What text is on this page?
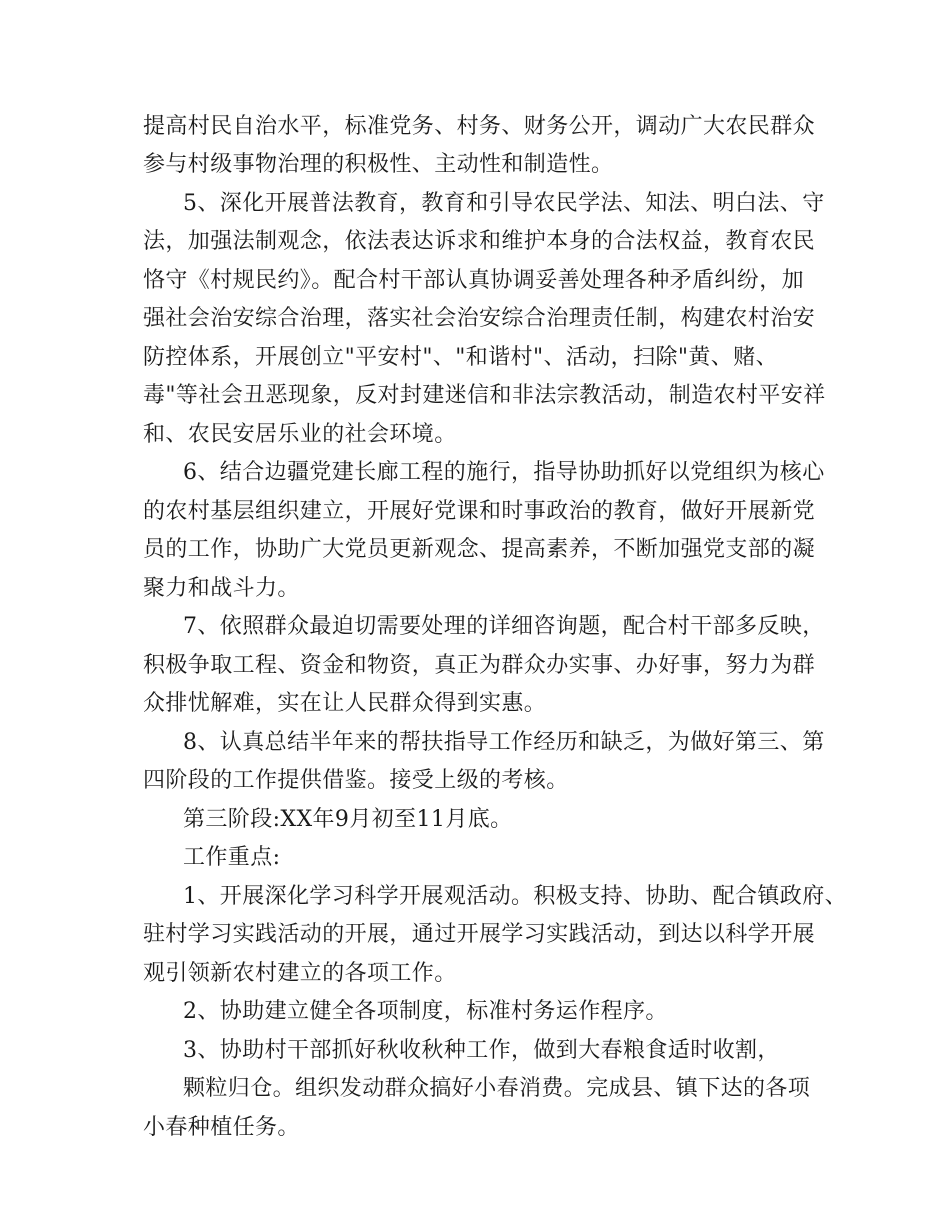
提高村民自治水平，标准党务、村务、财务公开，调动广大农民群众
参与村级事物治理的积极性、主动性和制造性。
5、深化开展普法教育，教育和引导农民学法、知法、明白法、守
法，加强法制观念，依法表达诉求和维护本身的合法权益，教育农民
恪守《村规民约》。配合村干部认真协调妥善处理各种矛盾纠纷，加
强社会治安综合治理，落实社会治安综合治理责任制，构建农村治安
防控体系，开展创立"平安村"、"和谐村"、活动，扫除"黄、赌、
毒"等社会丑恶现象，反对封建迷信和非法宗教活动，制造农村平安祥
和、农民安居乐业的社会环境。
6、结合边疆党建长廊工程的施行，指导协助抓好以党组织为核心
的农村基层组织建立，开展好党课和时事政治的教育，做好开展新党
员的工作，协助广大党员更新观念、提高素养，不断加强党支部的凝
聚力和战斗力。
7、依照群众最迫切需要处理的详细咨询题，配合村干部多反映，
积极争取工程、资金和物资，真正为群众办实事、办好事，努力为群
众排忧解难，实在让人民群众得到实惠。
8、认真总结半年来的帮扶指导工作经历和缺乏，为做好第三、第
四阶段的工作提供借鉴。接受上级的考核。
第三阶段:XX年9月初至11月底。
工作重点:
1、开展深化学习科学开展观活动。积极支持、协助、配合镇政府、
驻村学习实践活动的开展，通过开展学习实践活动，到达以科学开展
观引领新农村建立的各项工作。
2、协助建立健全各项制度，标准村务运作程序。
3、协助村干部抓好秋收秋种工作，做到大春粮食适时收割，
颗粒归仓。组织发动群众搞好小春消费。完成县、镇下达的各项
小春种植任务。
